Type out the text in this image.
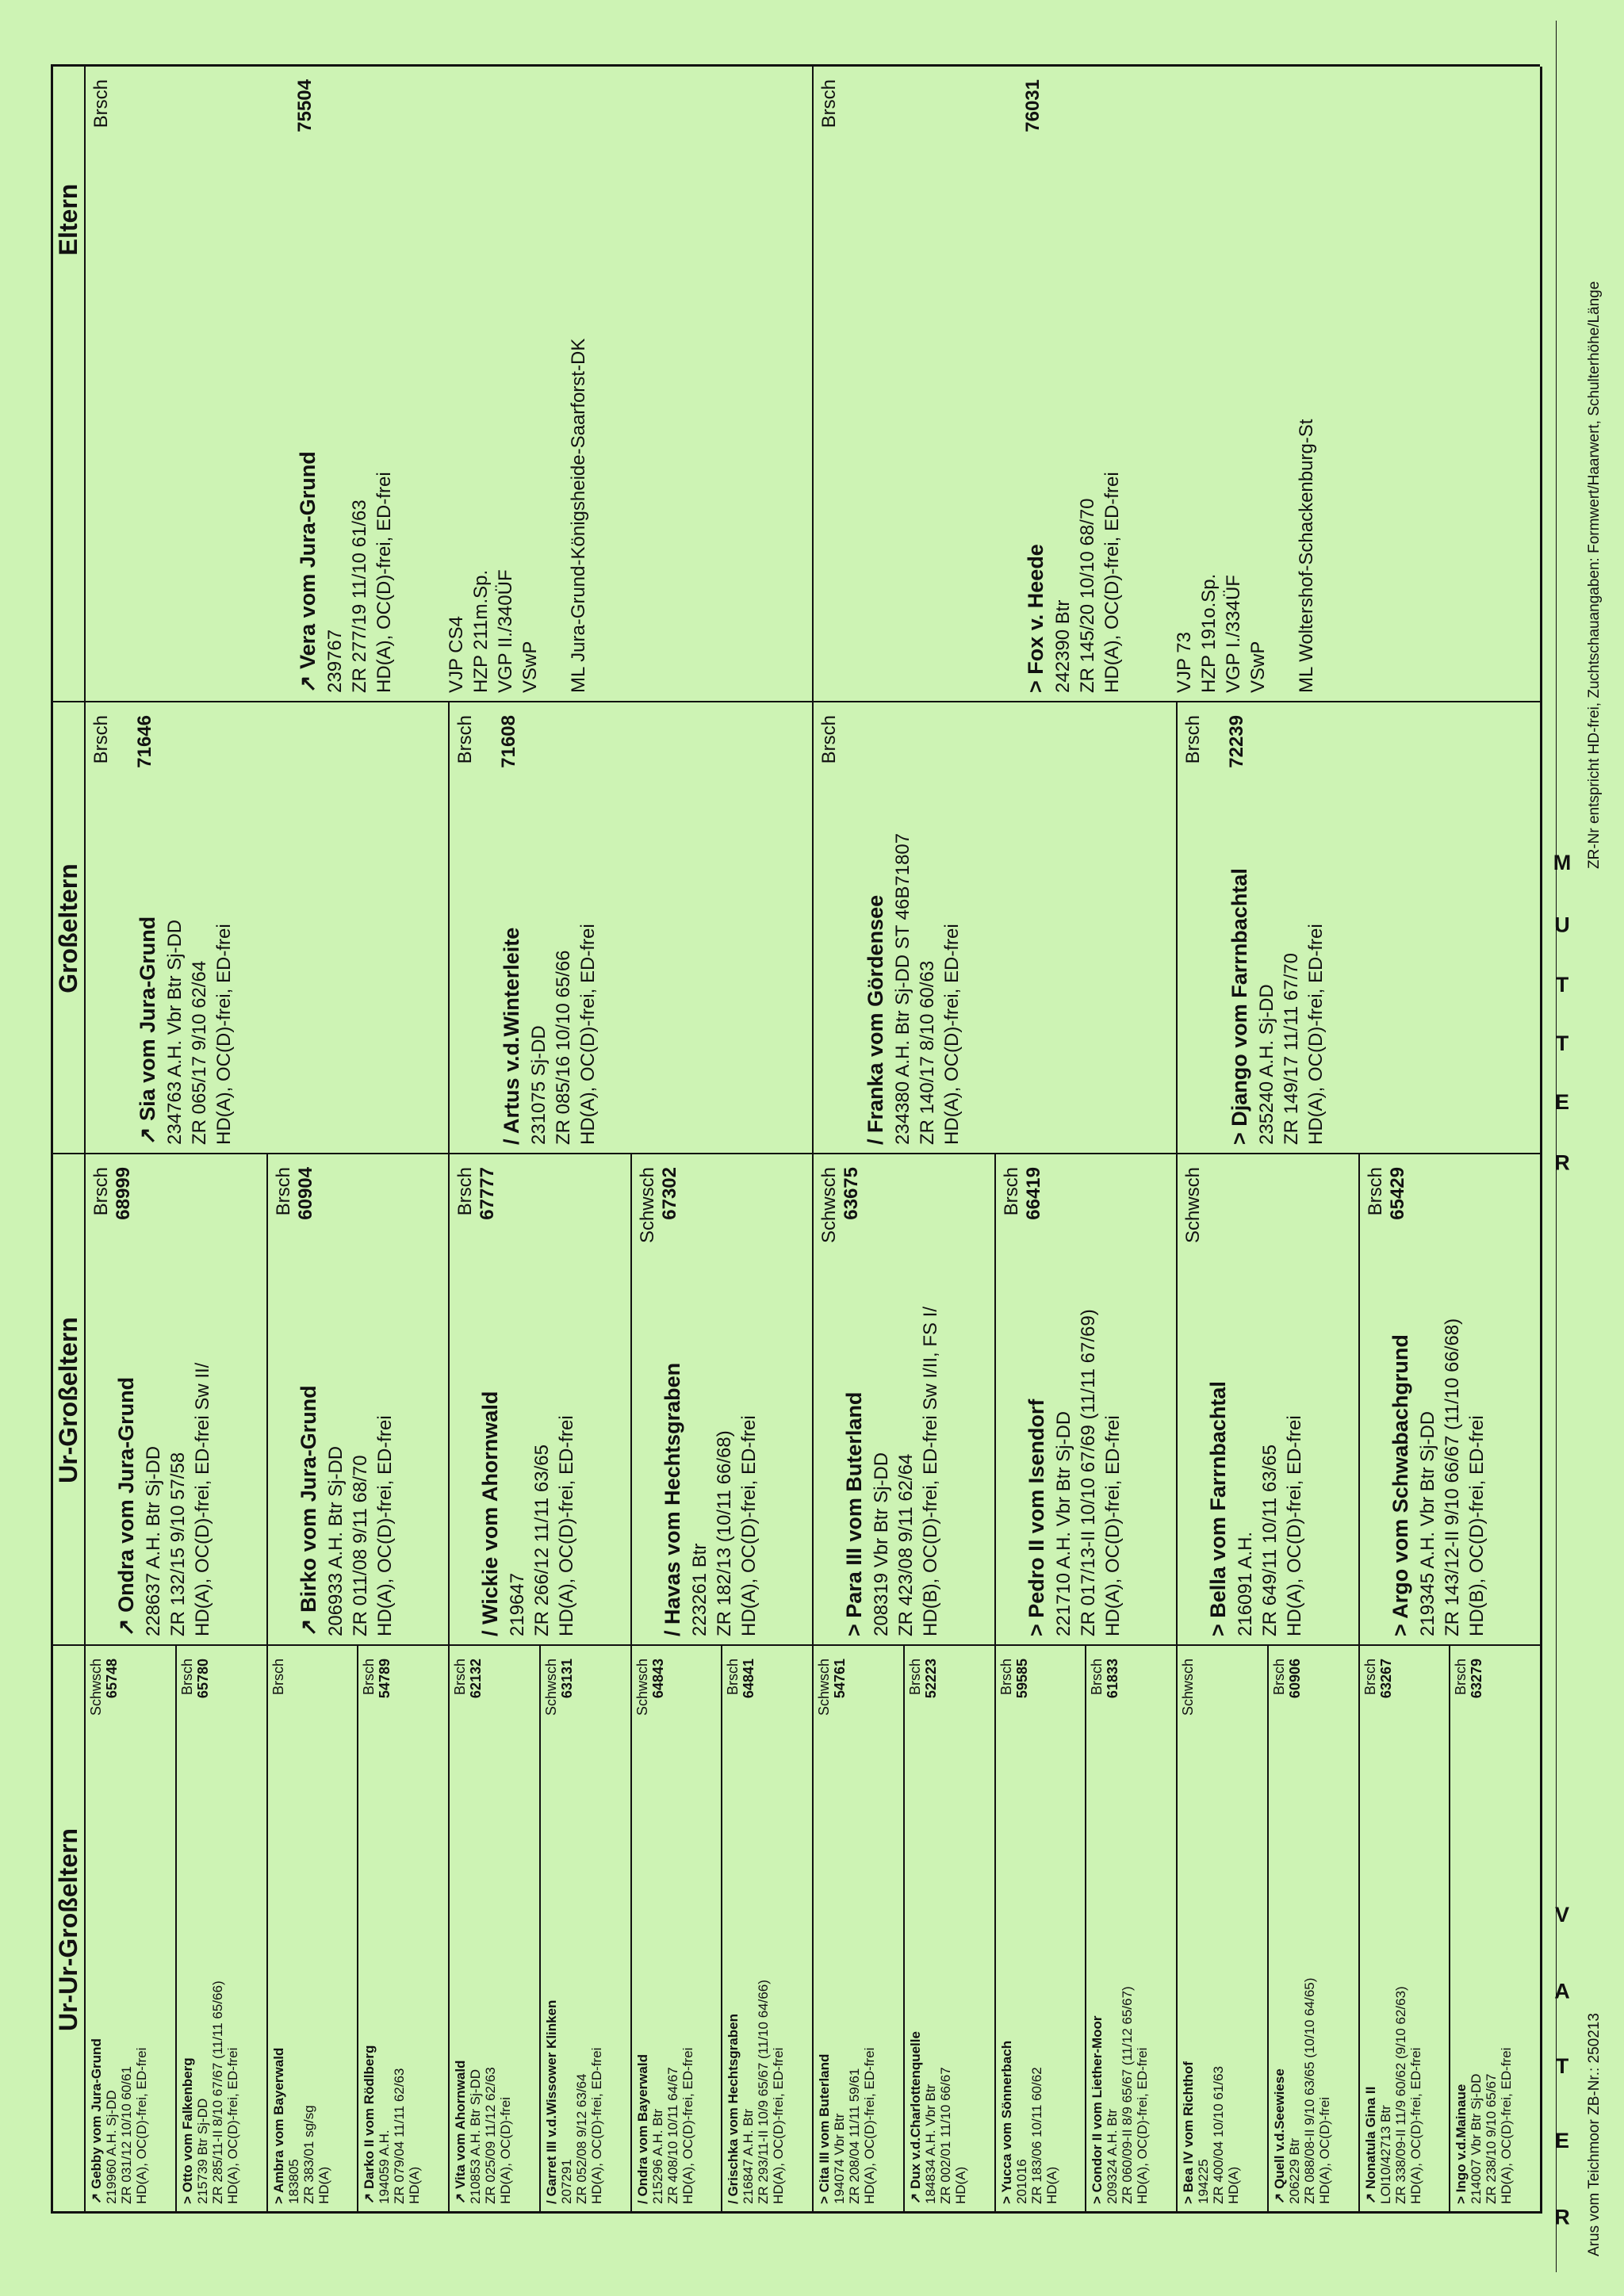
Arus vom Teichmoor ZB-Nr.: 250213
ZR-Nr entspricht HD-frei, Zuchtschauangaben: Formwert/Haarwert, Schulterhöhe/Länge
M
U
T
T
E
R
V
A
T
E
R
Eltern
Großeltern
Ur-Großeltern
Ur-Ur-Großeltern
Brsch
↗ Vera vom Jura-Grund
75504
239767 ZR 277/19 11/10 61/63 HD(A), OC(D)-frei, ED-frei	VJP CS4 HZP 211m.Sp. VGP II./340ÜF VSwP ML Jura-Grund-Königsheide-Saarforst-DK
Brsch
> Fox v. Heede
76031
242390 Btr ZR 145/20 10/10 68/70 HD(A), OC(D)-frei, ED-frei	VJP 73 HZP 191o.Sp. VGP I./334ÜF VSwP ML Woltershof-Schackenburg-St
Brsch
↗ Sia vom Jura-Grund
71646
234763 A.H. Vbr Btr Sj-DD ZR 065/17 9/10 62/64 HD(A), OC(D)-frei, ED-frei
Brsch
/ Artus v.d.Winterleite
71608
231075 Sj-DD ZR 085/16 10/10 65/66 HD(A), OC(D)-frei, ED-frei
Brsch
/ Franka vom Gördensee 234380 A.H. Btr Sj-DD ST 46B71807 ZR 140/17 8/10 60/63 HD(A), OC(D)-frei, ED-frei
Brsch
> Django vom Farrnbachtal
72239
235240 A.H. Sj-DD ZR 149/17 11/11 67/70 HD(A), OC(D)-frei, ED-frei
Brsch
↗ Ondra vom Jura-Grund
68999
228637 A.H. Btr Sj-DD ZR 132/15 9/10 57/58 HD(A), OC(D)-frei, ED-frei Sw II/
Brsch
↗ Birko vom Jura-Grund
60904
206933 A.H. Btr Sj-DD ZR 011/08 9/11 68/70 HD(A), OC(D)-frei, ED-frei
Brsch
/ Wickie vom Ahornwald
67777
219647 ZR 266/12 11/11 63/65 HD(A), OC(D)-frei, ED-frei
Schwsch
/ Havas vom Hechtsgraben
67302
223261 Btr ZR 182/13 (10/11 66/68) HD(A), OC(D)-frei, ED-frei
Schwsch
> Para III vom Buterland
63675
208319 Vbr Btr Sj-DD ZR 423/08 9/11 62/64 HD(B), OC(D)-frei, ED-frei Sw I/II, FS I/
Brsch
> Pedro II vom Isendorf
66419
221710 A.H. Vbr Btr Sj-DD ZR 017/13-II 10/10 67/69 (11/11 67/69) HD(A), OC(D)-frei, ED-frei
Schwsch
> Bella vom Farrnbachtal 216091 A.H. ZR 649/11 10/11 63/65 HD(A), OC(D)-frei, ED-frei
Brsch
> Argo vom Schwabachgrund
65429
219345 A.H. Vbr Btr Sj-DD ZR 143/12-II 9/10 66/67 (11/10 66/68) HD(B), OC(D)-frei, ED-frei
Schwsch
↗ Gebby vom Jura-Grund
65748
219960 A.H. Sj-DD ZR 031/12 10/10 60/61 HD(A), OC(D)-frei, ED-frei
Brsch
> Otto vom Falkenberg
65780
215739 Btr Sj-DD ZR 285/11-II 8/10 67/67 (11/11 65/66) HD(A), OC(D)-frei, ED-frei
Brsch
> Ambra vom Bayerwald 183805 ZR 383/01 sg/sg HD(A)
Brsch
↗ Darko II vom Rödlberg
54789
194059 A.H. ZR 079/04 11/11 62/63 HD(A)
Brsch
↗ Vita vom Ahornwald
62132
210853 A.H. Btr Sj-DD ZR 025/09 11/12 62/63 HD(A), OC(D)-frei
Schwsch
/ Garret III v.d.Wissower Klinken
63131
207291 ZR 052/08 9/12 63/64 HD(A), OC(D)-frei, ED-frei
Schwsch
/ Ondra vom Bayerwald
64843
215296 A.H. Btr ZR 408/10 10/11 64/67 HD(A), OC(D)-frei, ED-frei
Brsch
/ Grischka vom Hechtsgraben
64841
216847 A.H. Btr ZR 293/11-II 10/9 65/67 (11/10 64/66) HD(A), OC(D)-frei, ED-frei
Schwsch
> Cita III vom Buterland
54761
194074 Vbr Btr ZR 208/04 11/11 59/61 HD(A), OC(D)-frei, ED-frei
Brsch
↗ Dux v.d.Charlottenquelle
52223
184834 A.H. Vbr Btr ZR 002/01 11/10 66/67 HD(A)
Brsch
> Yucca vom Sönnerbach
59585
201016 ZR 183/06 10/11 60/62 HD(A)
Brsch
> Condor II vom Liether-Moor
61833
209324 A.H. Btr ZR 060/09-II 8/9 65/67 (11/12 65/67) HD(A), OC(D)-frei, ED-frei
Schwsch
> Bea IV vom Richthof 194225 ZR 400/04 10/10 61/63 HD(A)
Brsch
↗ Quell v.d.Seewiese
60906
206229 Btr ZR 088/08-II 9/10 63/65 (10/10 64/65) HD(A), OC(D)-frei
Brsch
↗ Nonatula Gina II
63267
LOI10/42713 Btr ZR 338/09-II 11/9 60/62 (9/10 62/63) HD(A), OC(D)-frei, ED-frei
Brsch
> Ingo v.d.Mainaue
63279
214007 Vbr Btr Sj-DD ZR 238/10 9/10 65/67 HD(A), OC(D)-frei, ED-frei
